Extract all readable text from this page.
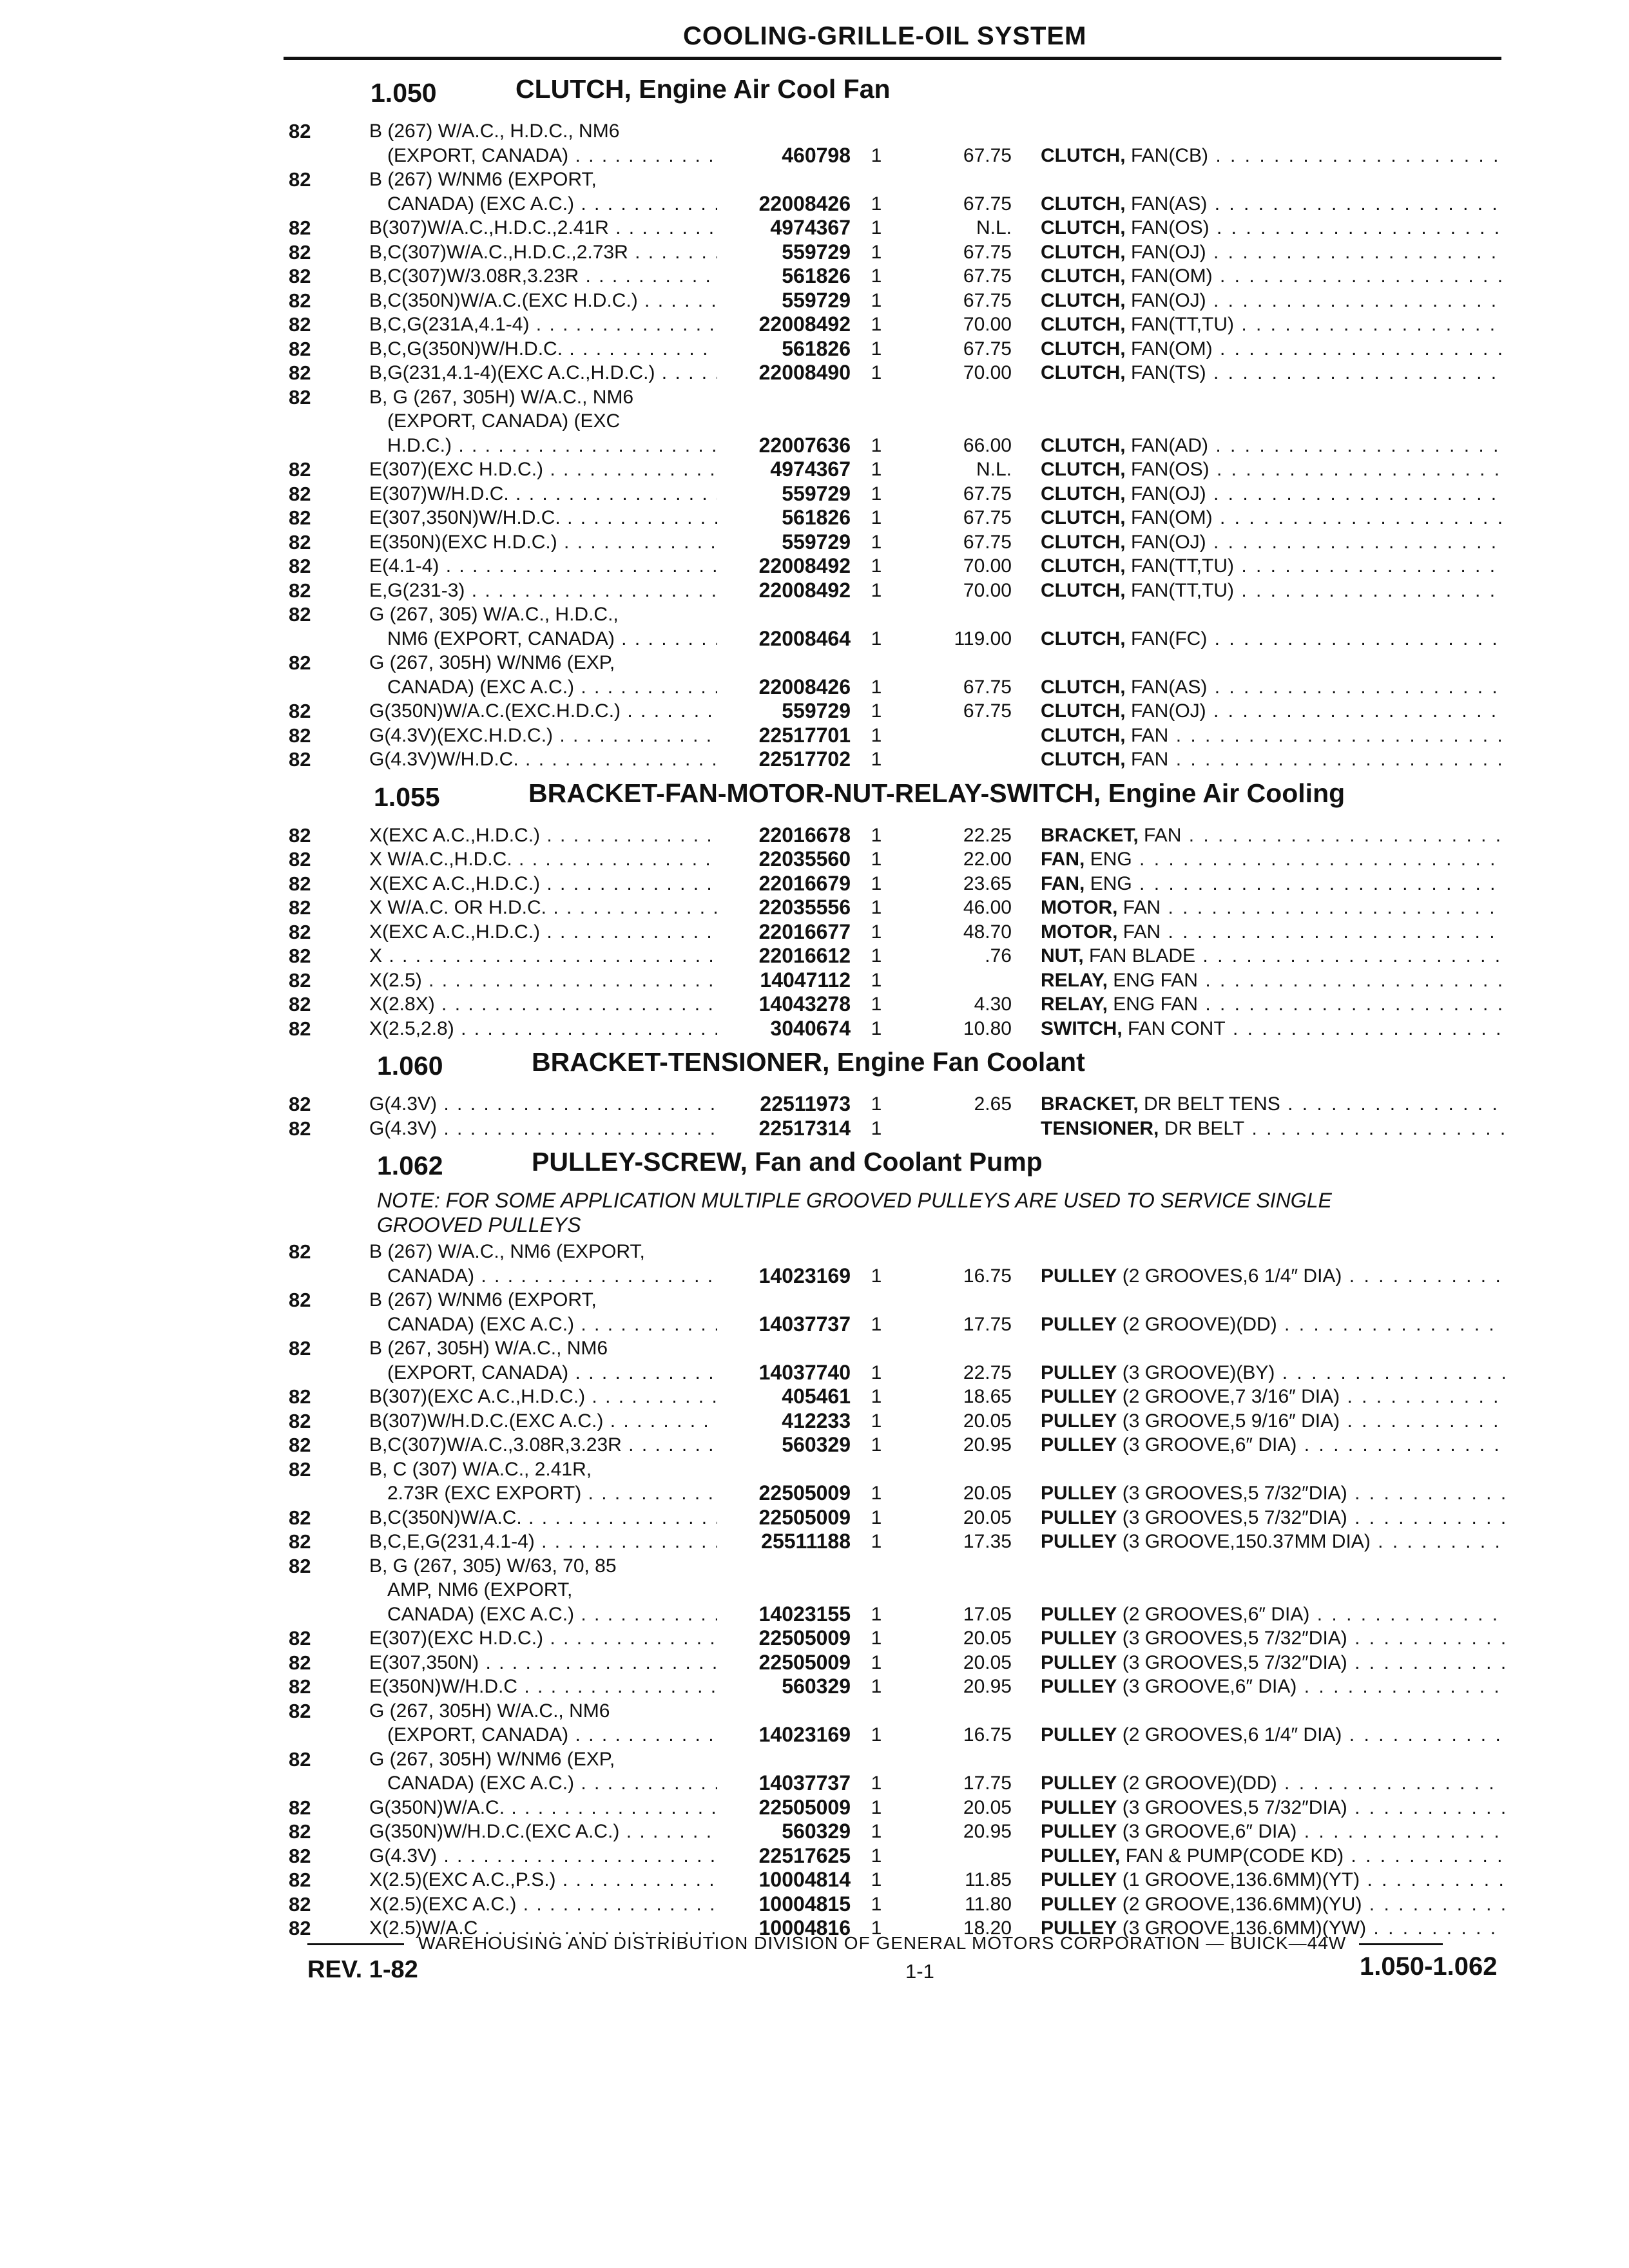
COOLING-GRILLE-OIL SYSTEM
1.050	CLUTCH, Engine Air Cool Fan
82	B (267) W/A.C., H.D.C., NM6
(EXPORT, CANADA) . . .	460798 1	67.75 CLUTCH, FAN(CB) . . .
82	B (267) W/NM6 (EXPORT,
CANADA) (EXC A.C.) . . .	22008426 1	67.75 CLUTCH, FAN(AS) . . .
82	B(307)W/A.C.,H.D.C.,2.41R . . .	4974367 1	N.L. CLUTCH, FAN(OS) . . .
82	B,C(307)W/A.C.,H.D.C.,2.73R . . .	559729 1	67.75 CLUTCH, FAN(OJ) . . .
82	B,C(307)W/3.08R,3.23R . . .	561826 1	67.75 CLUTCH, FAN(OM) . . .
82	B,C(350N)W/A.C.(EXC H.D.C.) . . .	559729 1	67.75 CLUTCH, FAN(OJ) . . .
82	B,C,G(231A,4.1-4) . . .	22008492 1	70.00 CLUTCH, FAN(TT,TU) . . .
82	B,C,G(350N)W/H.D.C. . . .	561826 1	67.75 CLUTCH, FAN(OM) . . .
82	B,G(231,4.1-4)(EXC A.C.,H.D.C.) . . .	22008490 1	70.00 CLUTCH, FAN(TS) . . .
82	B, G (267, 305H) W/A.C., NM6
(EXPORT, CANADA) (EXC
H.D.C.) . . .	22007636 1	66.00 CLUTCH, FAN(AD) . . .
82	E(307)(EXC H.D.C.) . . .	4974367 1	N.L. CLUTCH, FAN(OS) . . .
82	E(307)W/H.D.C. . . .	559729 1	67.75 CLUTCH, FAN(OJ) . . .
82	E(307,350N)W/H.D.C. . . .	561826 1	67.75 CLUTCH, FAN(OM) . . .
82	E(350N)(EXC H.D.C.) . . .	559729 1	67.75 CLUTCH, FAN(OJ) . . .
82	E(4.1-4) . . .	22008492 1	70.00 CLUTCH, FAN(TT,TU) . . .
82	E,G(231-3) . . .	22008492 1	70.00 CLUTCH, FAN(TT,TU) . . .
82	G (267, 305) W/A.C., H.D.C.,
NM6 (EXPORT, CANADA) . . .	22008464 1	119.00 CLUTCH, FAN(FC) . . .
82	G (267, 305H) W/NM6 (EXP,
CANADA) (EXC A.C.) . . .	22008426 1	67.75 CLUTCH, FAN(AS) . . .
82	G(350N)W/A.C.(EXC.H.D.C.) . . .	559729 1	67.75 CLUTCH, FAN(OJ) . . .
82	G(4.3V)(EXC.H.D.C.) . . .	22517701 1	CLUTCH, FAN . . .
82	G(4.3V)W/H.D.C. . . .	22517702 1	CLUTCH, FAN . . .
1.055	BRACKET-FAN-MOTOR-NUT-RELAY-SWITCH, Engine Air Cooling
82	X(EXC A.C.,H.D.C.) . . .	22016678 1	22.25 BRACKET, FAN . . .
82	X W/A.C.,H.D.C. . . .	22035560 1	22.00 FAN, ENG . . .
82	X(EXC A.C.,H.D.C.) . . .	22016679 1	23.65 FAN, ENG . . .
82	X W/A.C. OR H.D.C. . . .	22035556 1	46.00 MOTOR, FAN . . .
82	X(EXC A.C.,H.D.C.) . . .	22016677 1	48.70 MOTOR, FAN . . .
82	X . . .	22016612 1	.76 NUT, FAN BLADE . . .
82	X(2.5) . . .	14047112 1	RELAY, ENG FAN . . .
82	X(2.8X) . . .	14043278 1	4.30 RELAY, ENG FAN . . .
82	X(2.5,2.8) . . .	3040674 1	10.80 SWITCH, FAN CONT . . .
1.060	BRACKET-TENSIONER, Engine Fan Coolant
82	G(4.3V) . . .	22511973 1	2.65 BRACKET, DR BELT TENS . . .
82	G(4.3V) . . .	22517314 1	TENSIONER, DR BELT . . .
1.062	PULLEY-SCREW, Fan and Coolant Pump
NOTE: FOR SOME APPLICATION MULTIPLE GROOVED PULLEYS ARE USED TO SERVICE SINGLE GROOVED PULLEYS
82	B (267) W/A.C., NM6 (EXPORT,
CANADA) . . .	14023169 1	16.75 PULLEY (2 GROOVES,6 1/4″ DIA) . . .
82	B (267) W/NM6 (EXPORT,
CANADA) (EXC A.C.) . . .	14037737 1	17.75 PULLEY (2 GROOVE)(DD) . . .
82	B (267, 305H) W/A.C., NM6
(EXPORT, CANADA) . . .	14037740 1	22.75 PULLEY (3 GROOVE)(BY) . . .
82	B(307)(EXC A.C.,H.D.C.) . . .	405461 1	18.65 PULLEY (2 GROOVE,7 3/16″ DIA) . . .
82	B(307)W/H.D.C.(EXC A.C.) . . .	412233 1	20.05 PULLEY (3 GROOVE,5 9/16″ DIA) . . .
82	B,C(307)W/A.C.,3.08R,3.23R . . .	560329 1	20.95 PULLEY (3 GROOVE,6″ DIA) . . .
82	B, C (307) W/A.C., 2.41R,
2.73R (EXC EXPORT) . . .	22505009 1	20.05 PULLEY (3 GROOVES,5 7/32″DIA) . . .
82	B,C(350N)W/A.C. . . .	22505009 1	20.05 PULLEY (3 GROOVES,5 7/32″DIA) . . .
82	B,C,E,G(231,4.1-4) . . .	25511188 1	17.35 PULLEY (3 GROOVE,150.37MM DIA) . . .
82	B, G (267, 305) W/63, 70, 85
AMP, NM6 (EXPORT,
CANADA) (EXC A.C.) . . .	14023155 1	17.05 PULLEY (2 GROOVES,6″ DIA) . . .
82	E(307)(EXC H.D.C.) . . .	22505009 1	20.05 PULLEY (3 GROOVES,5 7/32″DIA) . . .
82	E(307,350N) . . .	22505009 1	20.05 PULLEY (3 GROOVES,5 7/32″DIA) . . .
82	E(350N)W/H.D.C . . .	560329 1	20.95 PULLEY (3 GROOVE,6″ DIA) . . .
82	G (267, 305H) W/A.C., NM6
(EXPORT, CANADA) . . .	14023169 1	16.75 PULLEY (2 GROOVES,6 1/4″ DIA) . . .
82	G (267, 305H) W/NM6 (EXP,
CANADA) (EXC A.C.) . . .	14037737 1	17.75 PULLEY (2 GROOVE)(DD) . . .
82	G(350N)W/A.C. . . .	22505009 1	20.05 PULLEY (3 GROOVES,5 7/32″DIA) . . .
82	G(350N)W/H.D.C.(EXC A.C.) . . .	560329 1	20.95 PULLEY (3 GROOVE,6″ DIA) . . .
82	G(4.3V) . . .	22517625 1	PULLEY, FAN & PUMP(CODE KD) . . .
82	X(2.5)(EXC A.C.,P.S.) . . .	10004814 1	11.85 PULLEY (1 GROOVE,136.6MM)(YT) . . .
82	X(2.5)(EXC A.C.) . . .	10004815 1	11.80 PULLEY (2 GROOVE,136.6MM)(YU) . . .
82	X(2.5)W/A.C . . .	10004816 1	18.20 PULLEY (3 GROOVE,136.6MM)(YW) . . .
WAREHOUSING AND DISTRIBUTION DIVISION OF GENERAL MOTORS CORPORATION — BUICK—44W
REV. 1-82	1-1	1.050-1.062
